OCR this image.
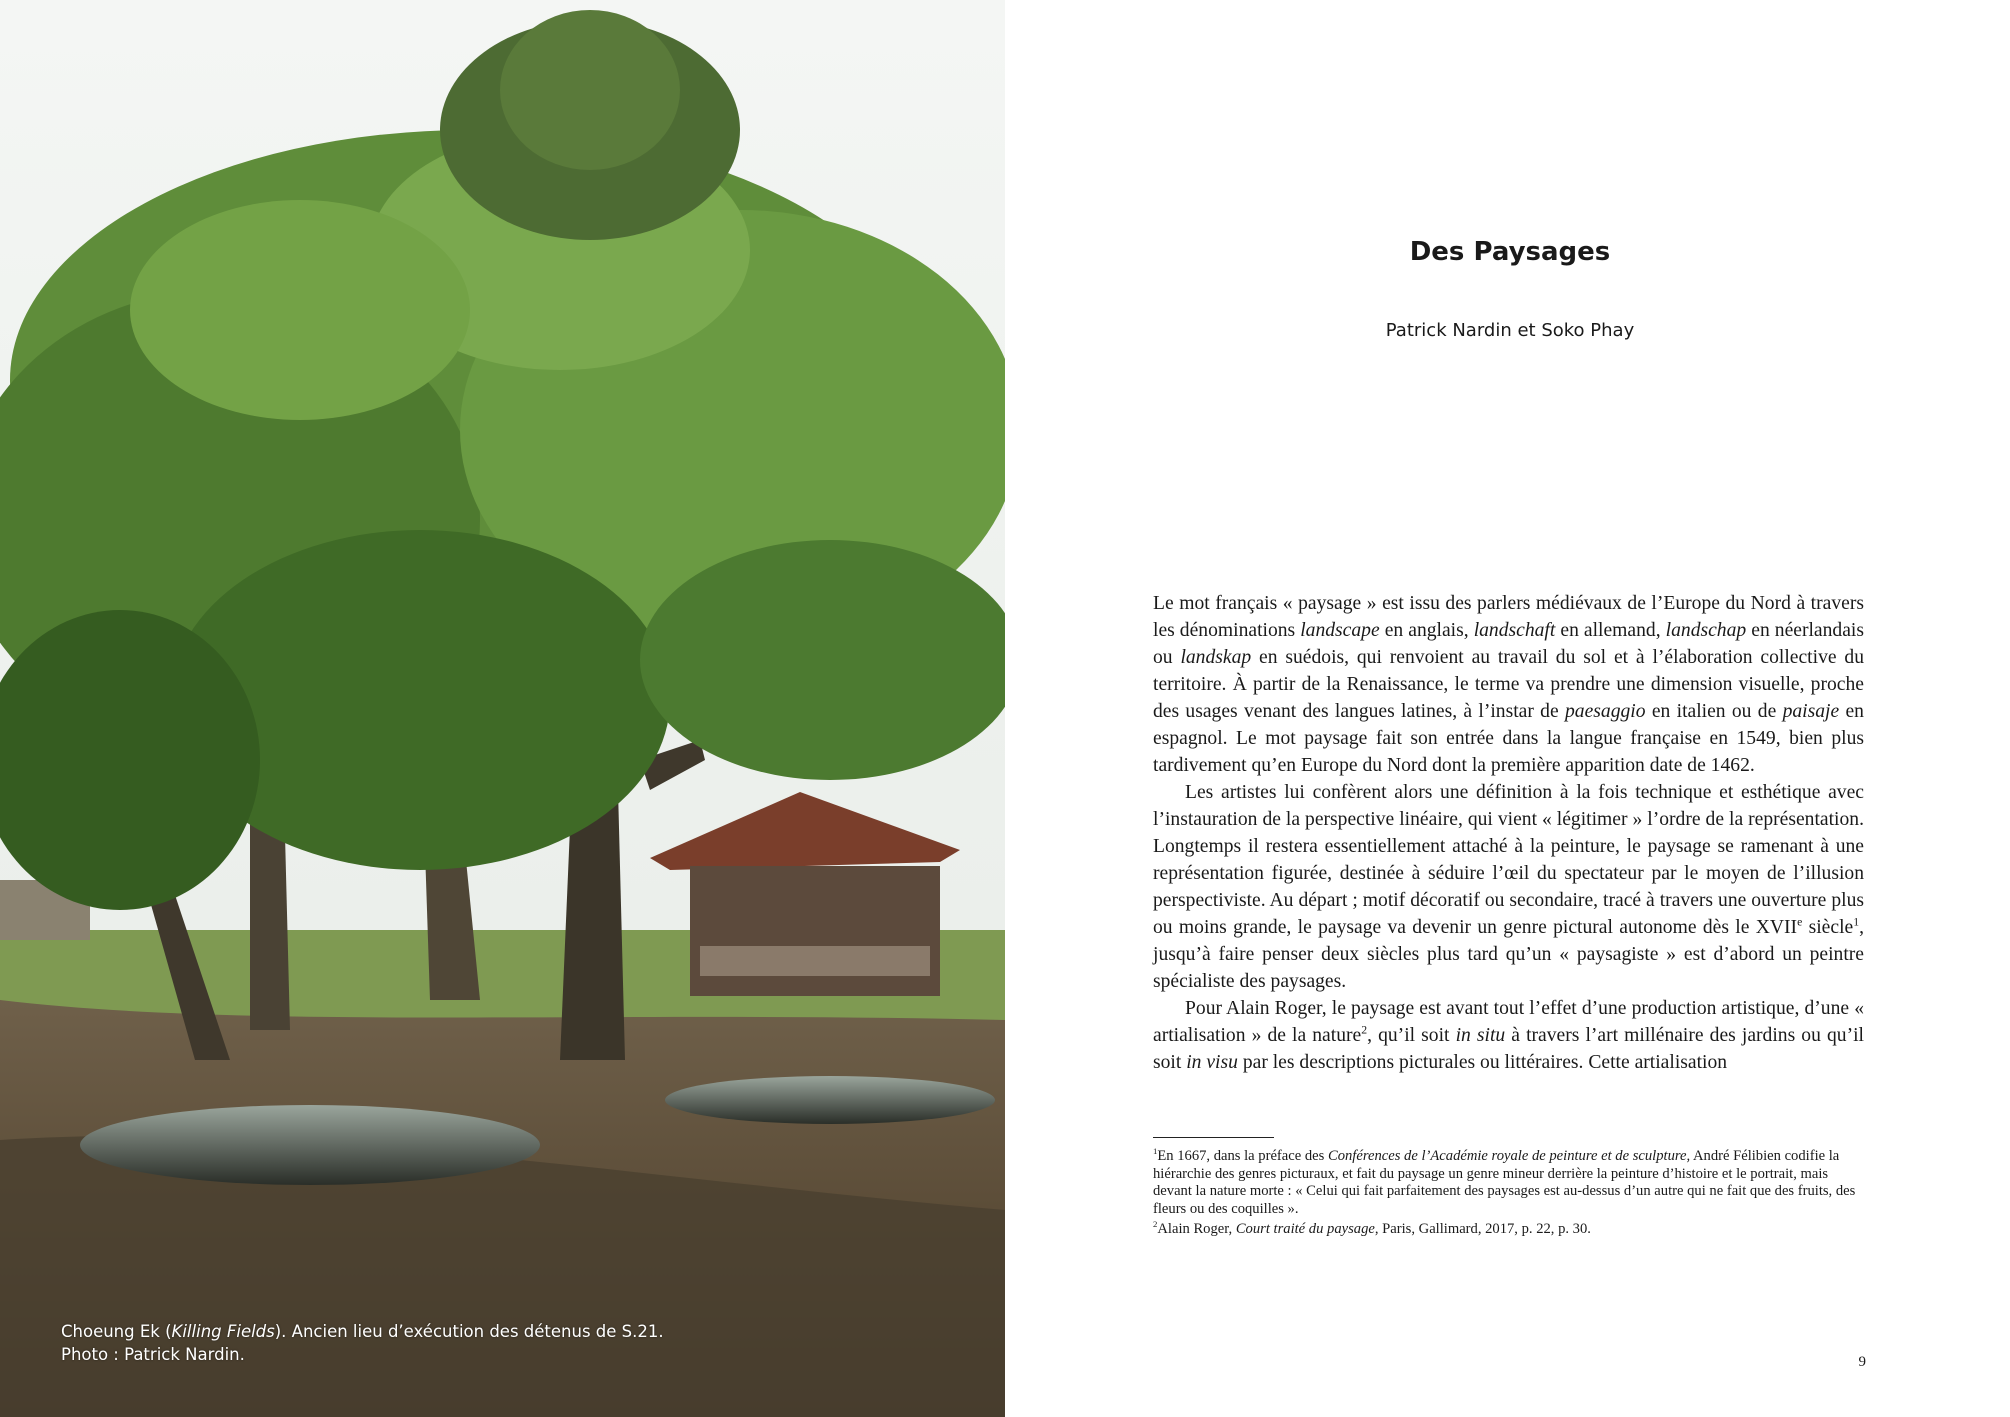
Choeung Ek (Killing Fields). Ancien lieu d’exécution des détenus de S.21.
Photo : Patrick Nardin.
Des Paysages
Patrick Nardin et Soko Phay

Le mot français « paysage » est issu des parlers médiévaux de l’Europe du Nord à travers les dénominations landscape en anglais, landschaft en allemand, landschap en néerlandais ou landskap en suédois, qui renvoient au travail du sol et à l’élaboration collective du territoire. À partir de la Renaissance, le terme va prendre une dimension visuelle, proche des usages venant des langues latines, à l’instar de paesaggio en italien ou de paisaje en espagnol. Le mot paysage fait son entrée dans la langue française en 1549, bien plus tardivement qu’en Europe du Nord dont la première apparition date de 1462.

Les artistes lui confèrent alors une définition à la fois technique et esthétique avec l’instauration de la perspective linéaire, qui vient « légitimer » l’ordre de la représentation. Longtemps il restera essentiellement attaché à la peinture, le paysage se ramenant à une représentation figurée, destinée à séduire l’œil du spectateur par le moyen de l’illusion perspectiviste. Au départ ; motif décoratif ou secondaire, tracé à travers une ouverture plus ou moins grande, le paysage va devenir un genre pictural autonome dès le XVIIe siècle$^1$, jusqu’à faire penser deux siècles plus tard qu’un « paysagiste » est d’abord un peintre spécialiste des paysages.

Pour Alain Roger, le paysage est avant tout l’effet d’une production artistique, d’une « artialisation » de la nature$^2$, qu’il soit in situ à travers l’art millénaire des jardins ou qu’il soit in visu par les descriptions picturales ou littéraires. Cette artialisation

$^1$En 1667, dans la préface des Conférences de l’Académie royale de peinture et de sculpture, André Félibien codifie la hiérarchie des genres picturaux, et fait du paysage un genre mineur derrière la peinture d’histoire et le portrait, mais devant la nature morte : « Celui qui fait parfaitement des paysages est au-dessus d’un autre qui ne fait que des fruits, des fleurs ou des coquilles ».

$^2$Alain Roger, Court traité du paysage, Paris, Gallimard, 2017, p. 22, p. 30.

9
